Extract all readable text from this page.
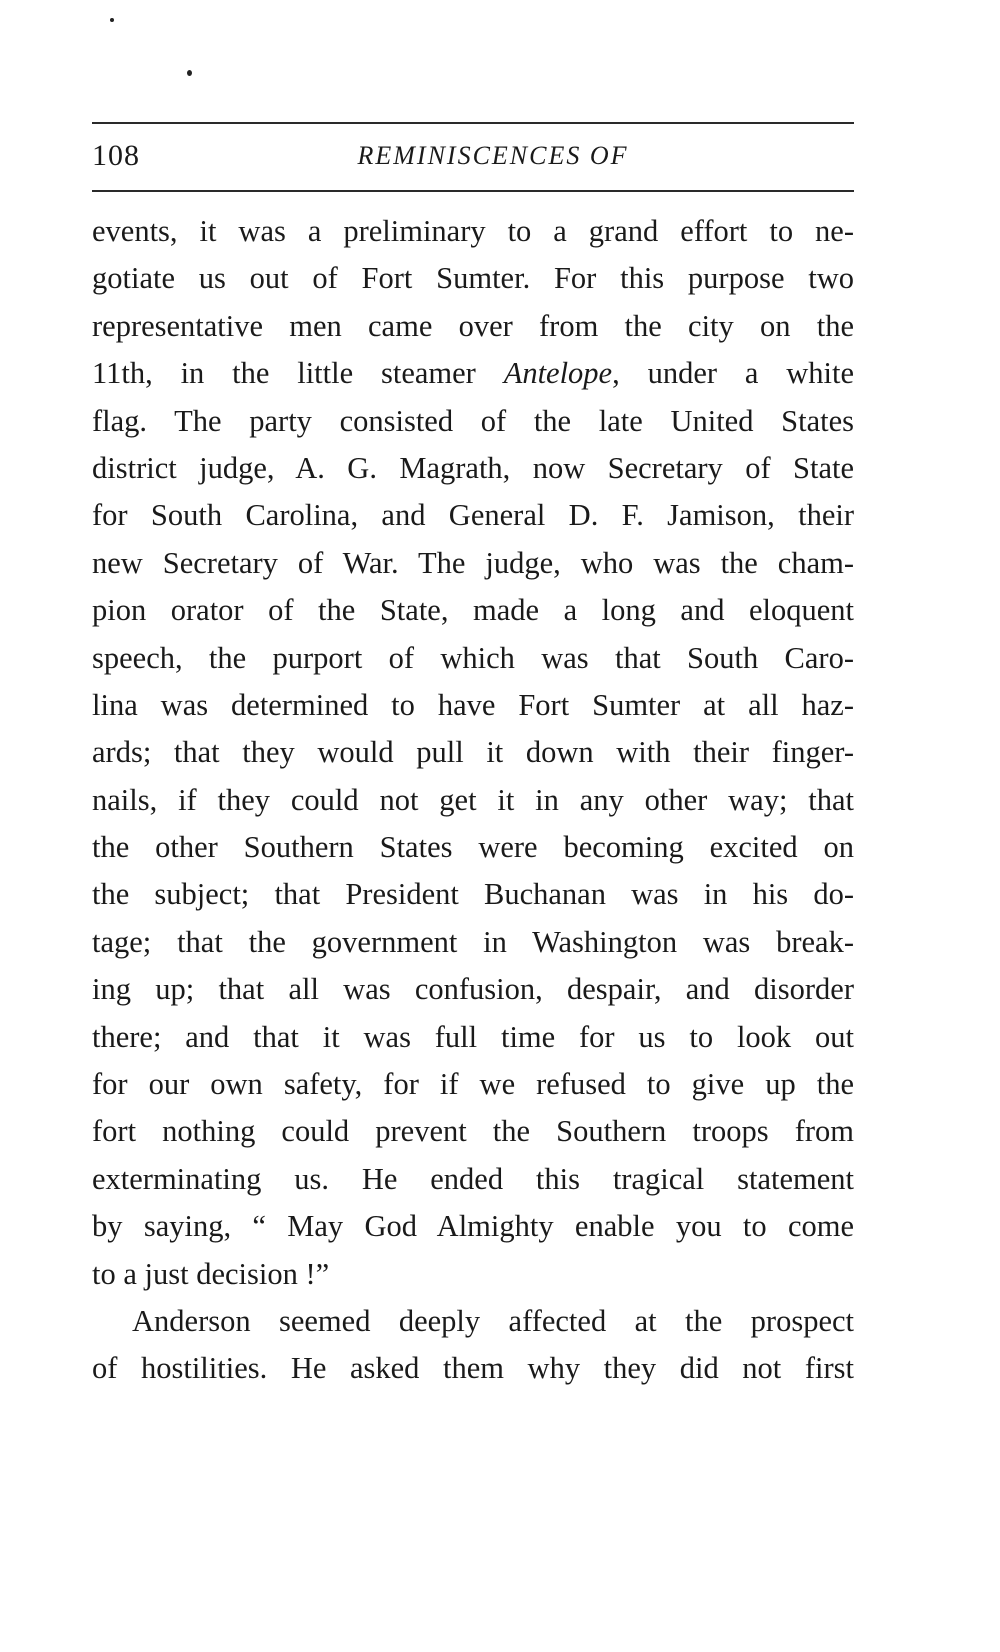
108	REMINISCENCES OF
events, it was a preliminary to a grand effort to ne-
gotiate us out of Fort Sumter. For this purpose two
representative men came over from the city on the
11th, in the little steamer Antelope, under a white
flag. The party consisted of the late United States
district judge, A. G. Magrath, now Secretary of State
for South Carolina, and General D. F. Jamison, their
new Secretary of War. The judge, who was the cham-
pion orator of the State, made a long and eloquent
speech, the purport of which was that South Caro-
lina was determined to have Fort Sumter at all haz-
ards; that they would pull it down with their finger-
nails, if they could not get it in any other way; that
the other Southern States were becoming excited on
the subject; that President Buchanan was in his do-
tage; that the government in Washington was break-
ing up; that all was confusion, despair, and disorder
there; and that it was full time for us to look out
for our own safety, for if we refused to give up the
fort nothing could prevent the Southern troops from
exterminating us. He ended this tragical statement
by saying, “ May God Almighty enable you to come
to a just decision !”
Anderson seemed deeply affected at the prospect
of hostilities. He asked them why they did not first
